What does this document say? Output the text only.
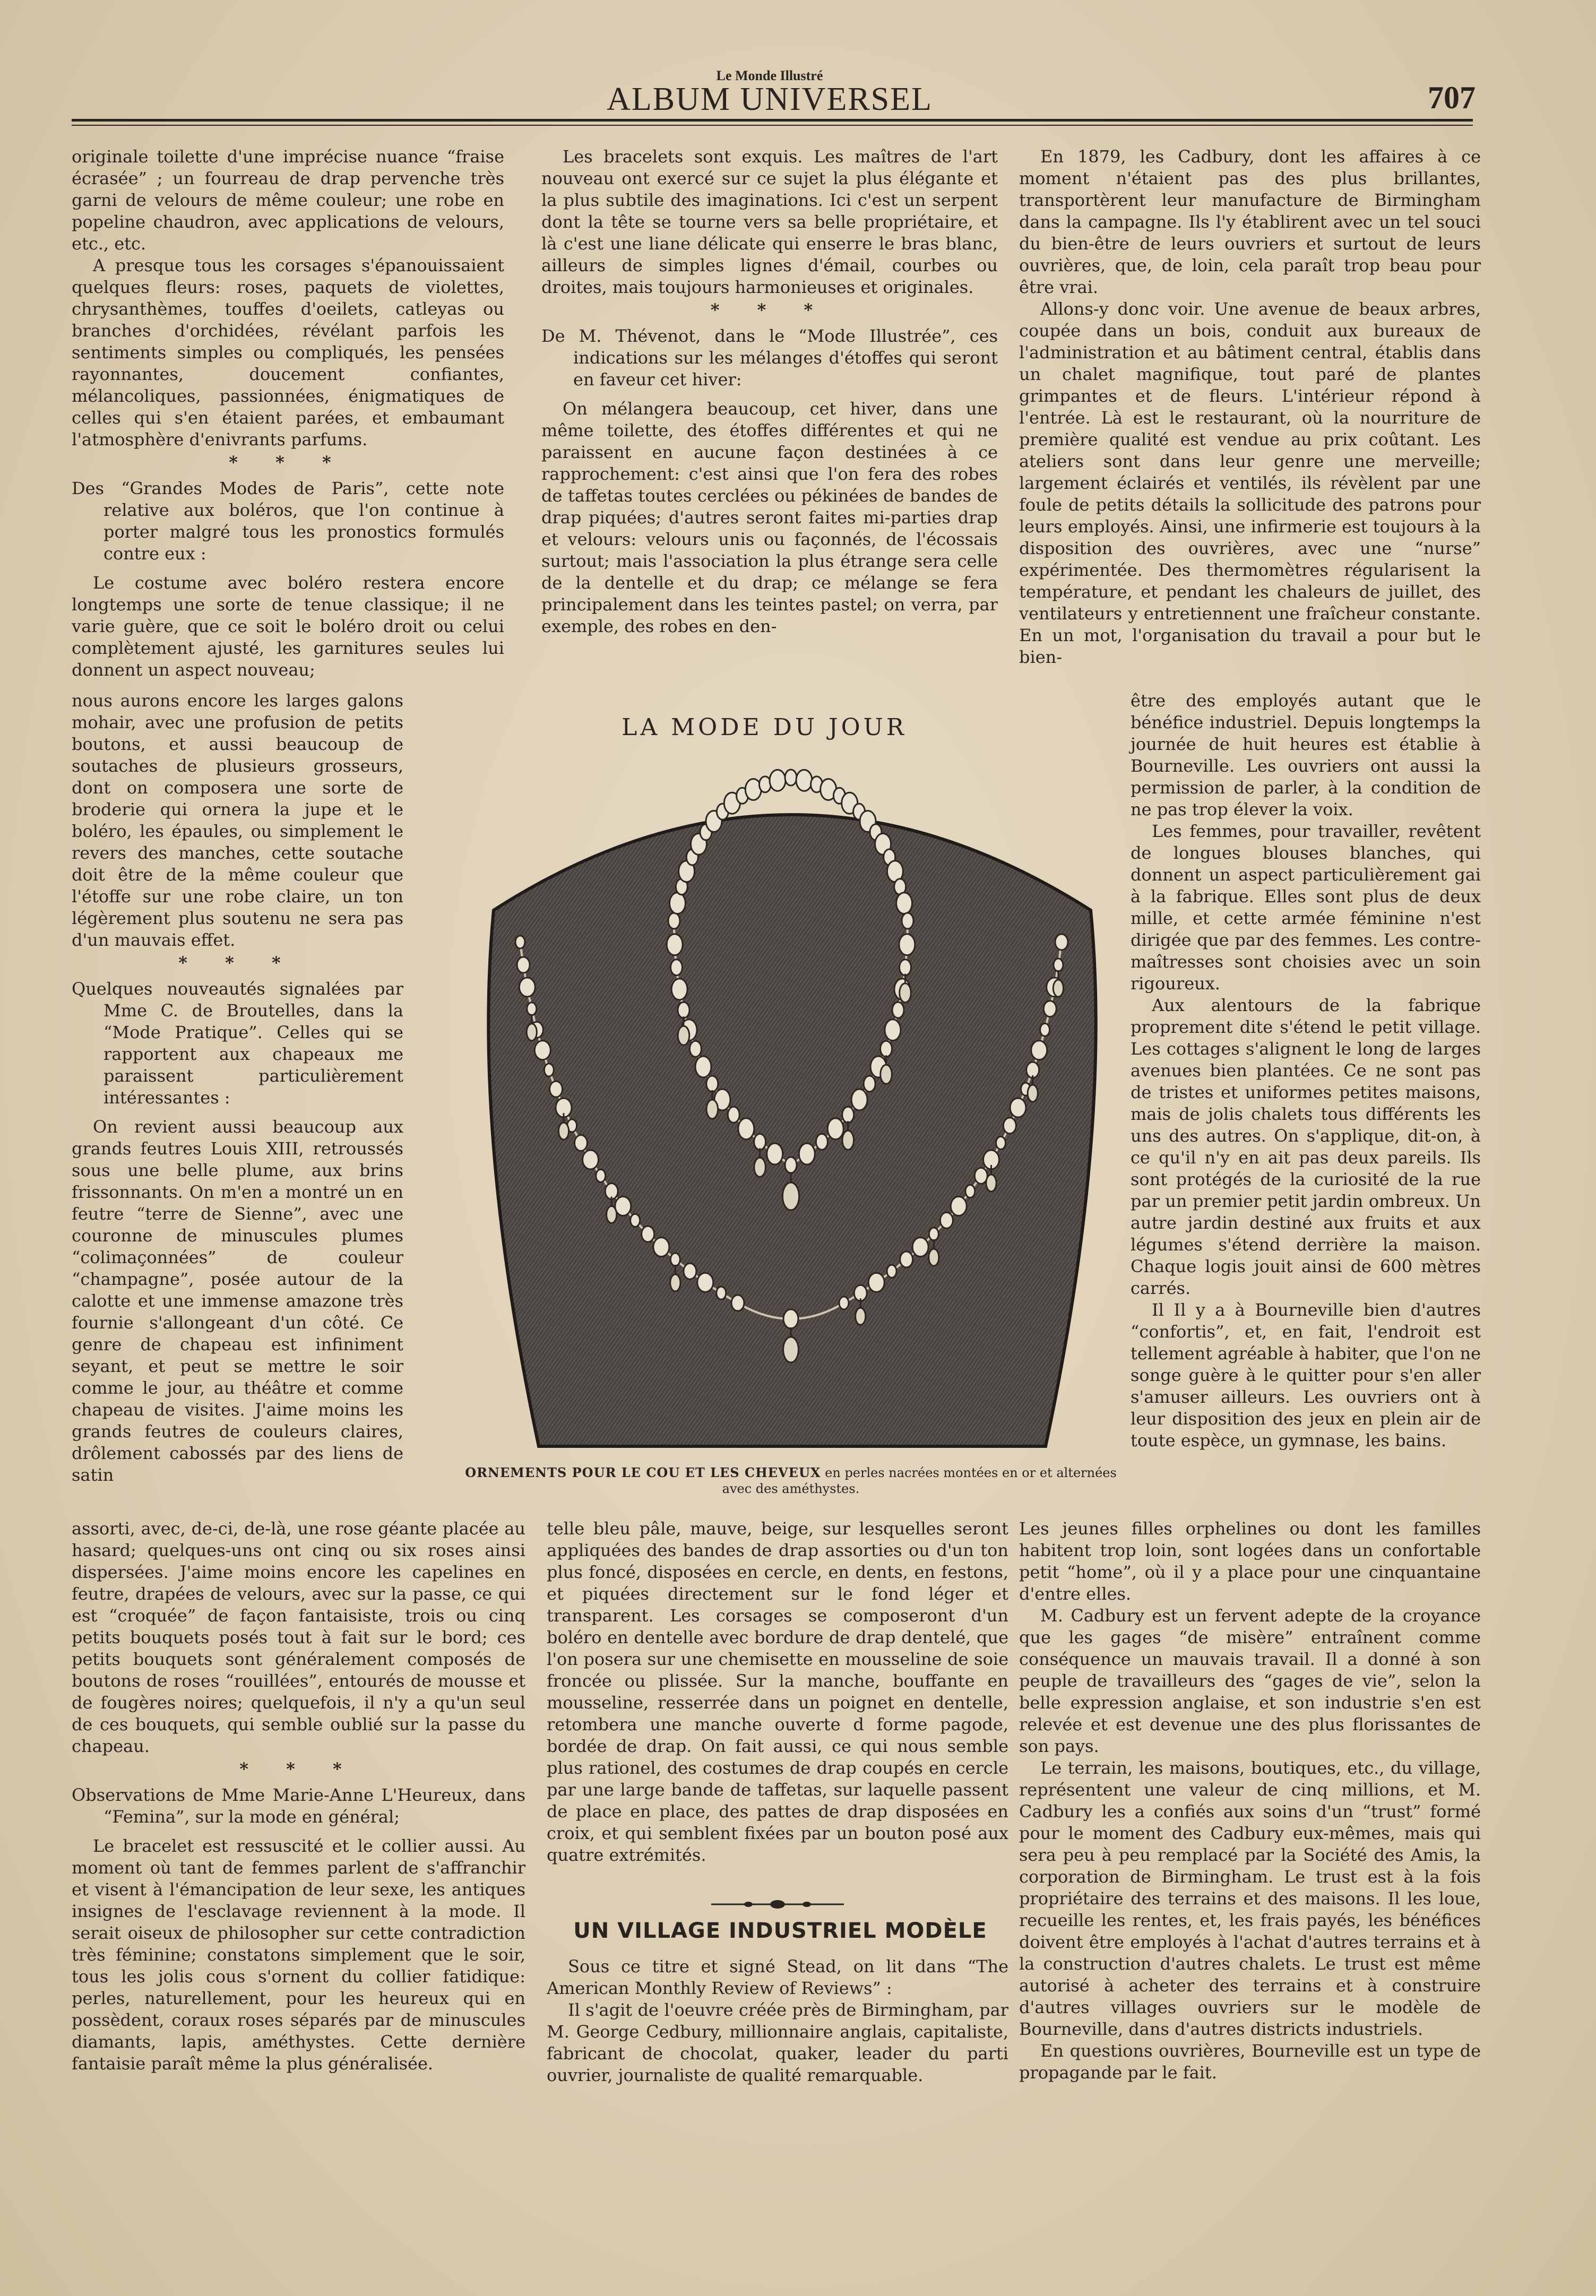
Le Monde Illustré
ALBUM UNIVERSEL	707

originale toilette d'une imprécise nuance “fraise écrasée” ; un fourreau de drap pervenche très garni de velours de même couleur; une robe en popeline chaudron, avec applications de velours, etc., etc.

A presque tous les corsages s'épanouissaient quelques fleurs: roses, paquets de violettes, chrysanthèmes, touffes d'oeilets, catleyas ou branches d'orchidées, révélant parfois les sentiments simples ou compliqués, les pensées rayonnantes, doucement confiantes, mélancoliques, passionnées, énigmatiques de celles qui s'en étaient parées, et embaumant l'atmosphère d'enivrants parfums.

* * *

Des “Grandes Modes de Paris”, cette note relative aux boléros, que l'on continue à porter malgré tous les pronostics formulés contre eux :

Le costume avec boléro restera encore longtemps une sorte de tenue classique; il ne varie guère, que ce soit le boléro droit ou celui complètement ajusté, les garnitures seules lui donnent un aspect nouveau;

nous aurons encore les larges galons mohair, avec une profusion de petits boutons, et aussi beaucoup de soutaches de plusieurs grosseurs, dont on composera une sorte de broderie qui ornera la jupe et le boléro, les épaules, ou simplement le revers des manches, cette soutache doit être de la même couleur que l'étoffe sur une robe claire, un ton légèrement plus soutenu ne sera pas d'un mauvais effet.

* * *

Quelques nouveautés signalées par Mme C. de Broutelles, dans la “Mode Pratique”. Celles qui se rapportent aux chapeaux me paraissent particulièrement intéressantes :

On revient aussi beaucoup aux grands feutres Louis XIII, retroussés sous une belle plume, aux brins frissonnants. On m'en a montré un en feutre “terre de Sienne”, avec une couronne de minuscules plumes “colimaçonnées” de couleur “champagne”, posée autour de la calotte et une immense amazone très fournie s'allongeant d'un côté. Ce genre de chapeau est infiniment seyant, et peut se mettre le soir comme le jour, au théâtre et comme chapeau de visites. J'aime moins les grands feutres de couleurs claires, drôlement cabossés par des liens de satin

assorti, avec, de-ci, de-là, une rose géante placée au hasard; quelques-uns ont cinq ou six roses ainsi dispersées. J'aime moins encore les capelines en feutre, drapées de velours, avec sur la passe, ce qui est “croquée” de façon fantaisiste, trois ou cinq petits bouquets posés tout à fait sur le bord; ces petits bouquets sont généralement composés de boutons de roses “rouillées”, entourés de mousse et de fougères noires; quelquefois, il n'y a qu'un seul de ces bouquets, qui semble oublié sur la passe du chapeau.

* * *

Observations de Mme Marie-Anne L'Heureux, dans “Femina”, sur la mode en général;

Le bracelet est ressuscité et le collier aussi. Au moment où tant de femmes parlent de s'affranchir et visent à l'émancipation de leur sexe, les antiques insignes de l'esclavage reviennent à la mode. Il serait oiseux de philosopher sur cette contradiction très féminine; constatons simplement que le soir, tous les jolis cous s'ornent du collier fatidique: perles, naturellement, pour les heureux qui en possèdent, coraux roses séparés par de minuscules diamants, lapis, améthystes. Cette dernière fantaisie paraît même la plus généralisée.

Les bracelets sont exquis. Les maîtres de l'art nouveau ont exercé sur ce sujet la plus élégante et la plus subtile des imaginations. Ici c'est un serpent dont la tête se tourne vers sa belle propriétaire, et là c'est une liane délicate qui enserre le bras blanc, ailleurs de simples lignes d'émail, courbes ou droites, mais toujours harmonieuses et originales.

* * *

De M. Thévenot, dans le “Mode Illustrée”, ces indications sur les mélanges d'étoffes qui seront en faveur cet hiver:

On mélangera beaucoup, cet hiver, dans une même toilette, des étoffes différentes et qui ne paraissent en aucune façon destinées à ce rapprochement: c'est ainsi que l'on fera des robes de taffetas toutes cerclées ou pékinées de bandes de drap piquées; d'autres seront faites mi-parties drap et velours: velours unis ou façonnés, de l'écossais surtout; mais l'association la plus étrange sera celle de la dentelle et du drap; ce mélange se fera principalement dans les teintes pastel; on verra, par exemple, des robes en den-

LA MODE DU JOUR
ORNEMENTS POUR LE COU ET LES CHEVEUX en perles nacrées montées en or et alternées avec des améthystes.

telle bleu pâle, mauve, beige, sur lesquelles seront appliquées des bandes de drap assorties ou d'un ton plus foncé, disposées en cercle, en dents, en festons, et piquées directement sur le fond léger et transparent. Les corsages se composeront d'un boléro en dentelle avec bordure de drap dentelé, que l'on posera sur une chemisette en mousseline de soie froncée ou plissée. Sur la manche, bouffante en mousseline, resserrée dans un poignet en dentelle, retombera une manche ouverte d forme pagode, bordée de drap. On fait aussi, ce qui nous semble plus rationel, des costumes de drap coupés en cercle par une large bande de taffetas, sur laquelle passent de place en place, des pattes de drap disposées en croix, et qui semblent fixées par un bouton posé aux quatre extrémités.

UN VILLAGE INDUSTRIEL MODÈLE

Sous ce titre et signé Stead, on lit dans “The American Monthly Review of Reviews” :

Il s'agit de l'oeuvre créée près de Birmingham, par M. George Cedbury, millionnaire anglais, capitaliste, fabricant de chocolat, quaker, leader du parti ouvrier, journaliste de qualité remarquable.

En 1879, les Cadbury, dont les affaires à ce moment n'étaient pas des plus brillantes, transportèrent leur manufacture de Birmingham dans la campagne. Ils l'y établirent avec un tel souci du bien-être de leurs ouvriers et surtout de leurs ouvrières, que, de loin, cela paraît trop beau pour être vrai.

Allons-y donc voir. Une avenue de beaux arbres, coupée dans un bois, conduit aux bureaux de l'administration et au bâtiment central, établis dans un chalet magnifique, tout paré de plantes grimpantes et de fleurs. L'intérieur répond à l'entrée. Là est le restaurant, où la nourriture de première qualité est vendue au prix coûtant. Les ateliers sont dans leur genre une merveille; largement éclairés et ventilés, ils révèlent par une foule de petits détails la sollicitude des patrons pour leurs employés. Ainsi, une infirmerie est toujours à la disposition des ouvrières, avec une “nurse” expérimentée. Des thermomètres régularisent la température, et pendant les chaleurs de juillet, des ventilateurs y entretiennent une fraîcheur constante. En un mot, l'organisation du travail a pour but le bien-

être des employés autant que le bénéfice industriel. Depuis longtemps la journée de huit heures est établie à Bourneville. Les ouvriers ont aussi la permission de parler, à la condition de ne pas trop élever la voix.

Les femmes, pour travailler, revêtent de longues blouses blanches, qui donnent un aspect particulièrement gai à la fabrique. Elles sont plus de deux mille, et cette armée féminine n'est dirigée que par des femmes. Les contre-maîtresses sont choisies avec un soin rigoureux.

Aux alentours de la fabrique proprement dite s'étend le petit village. Les cottages s'alignent le long de larges avenues bien plantées. Ce ne sont pas de tristes et uniformes petites maisons, mais de jolis chalets tous différents les uns des autres. On s'applique, dit-on, à ce qu'il n'y en ait pas deux pareils. Ils sont protégés de la curiosité de la rue par un premier petit jardin ombreux. Un autre jardin destiné aux fruits et aux légumes s'étend derrière la maison. Chaque logis jouit ainsi de 600 mètres carrés.

Il Il y a à Bourneville bien d'autres “confortis”, et, en fait, l'endroit est tellement agréable à habiter, que l'on ne songe guère à le quitter pour s'en aller s'amuser ailleurs. Les ouvriers ont à leur disposition des jeux en plein air de toute espèce, un gymnase, les bains.

Les jeunes filles orphelines ou dont les familles habitent trop loin, sont logées dans un confortable petit “home”, où il y a place pour une cinquantaine d'entre elles.

M. Cadbury est un fervent adepte de la croyance que les gages “de misère” entraînent comme conséquence un mauvais travail. Il a donné à son peuple de travailleurs des “gages de vie”, selon la belle expression anglaise, et son industrie s'en est relevée et est devenue une des plus florissantes de son pays.

Le terrain, les maisons, boutiques, etc., du village, représentent une valeur de cinq millions, et M. Cadbury les a confiés aux soins d'un “trust” formé pour le moment des Cadbury eux-mêmes, mais qui sera peu à peu remplacé par la Société des Amis, la corporation de Birmingham. Le trust est à la fois propriétaire des terrains et des maisons. Il les loue, recueille les rentes, et, les frais payés, les bénéfices doivent être employés à l'achat d'autres terrains et à la construction d'autres chalets. Le trust est même autorisé à acheter des terrains et à construire d'autres villages ouvriers sur le modèle de Bourneville, dans d'autres districts industriels.

En questions ouvrières, Bourneville est un type de propagande par le fait.
